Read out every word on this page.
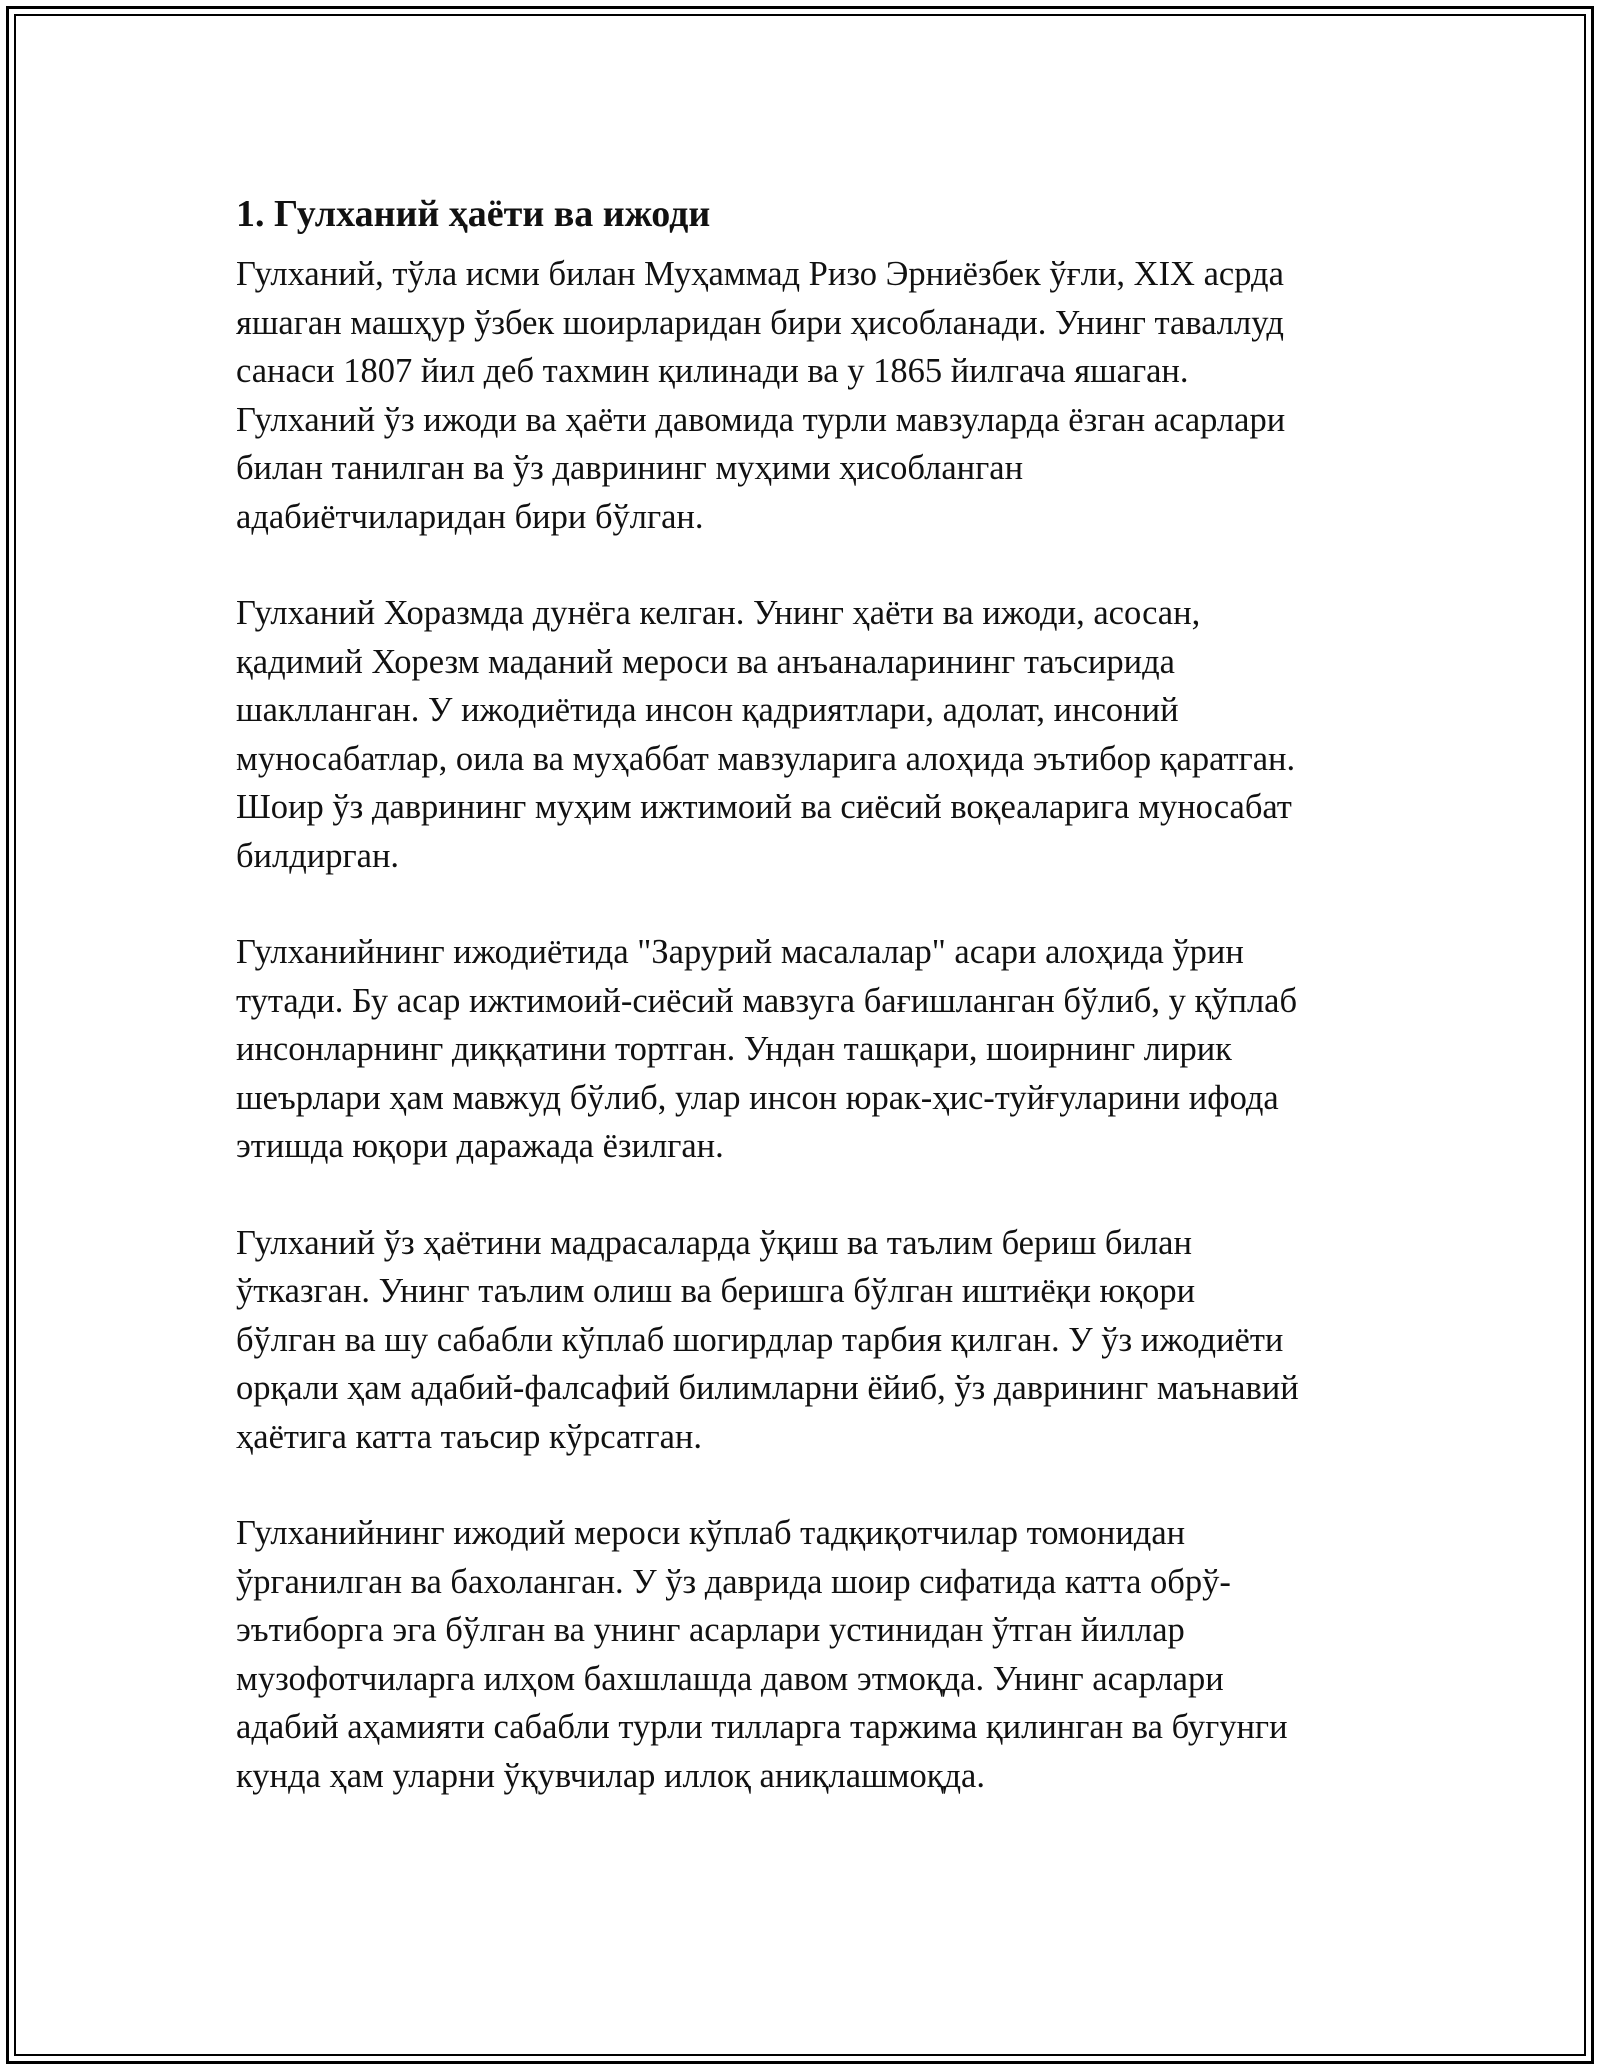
1. Гулханий ҳаёти ва ижоди

Гулханий, тўла исми билан Муҳаммад Ризо Эрниёзбек ўғли, XIX асрда
яшаган машҳур ўзбек шоирларидан бири ҳисобланади. Унинг таваллуд
санаси 1807 йил деб тахмин қилинади ва у 1865 йилгача яшаган.
Гулханий ўз ижоди ва ҳаёти давомида турли мавзуларда ёзган асарлари
билан танилган ва ўз даврининг муҳими ҳисобланган
адабиётчиларидан бири бўлган.

Гулханий Хоразмда дунёга келган. Унинг ҳаёти ва ижоди, асосан,
қадимий Хорезм маданий мероси ва анъаналарининг таъсирида
шаклланган. У ижодиётида инсон қадриятлари, адолат, инсоний
муносабатлар, оила ва муҳаббат мавзуларига алоҳида эътибор қаратган.
Шоир ўз даврининг муҳим ижтимоий ва сиёсий воқеаларига муносабат
билдирган.

Гулханийнинг ижодиётида "Зарурий масалалар" асари алоҳида ўрин
тутади. Бу асар ижтимоий-сиёсий мавзуга бағишланган бўлиб, у қўплаб
инсонларнинг диққатини тортган. Ундан ташқари, шоирнинг лирик
шеърлари ҳам мавжуд бўлиб, улар инсон юрак-ҳис-туйғуларини ифода
этишда юқори даражада ёзилган.

Гулханий ўз ҳаётини мадрасаларда ўқиш ва таълим бериш билан
ўтказган. Унинг таълим олиш ва беришга бўлган иштиёқи юқори
бўлган ва шу сабабли кўплаб шогирдлар тарбия қилган. У ўз ижодиёти
орқали ҳам адабий-фалсафий билимларни ёйиб, ўз даврининг маънавий
ҳаётига катта таъсир кўрсатган.

Гулханийнинг ижодий мероси кўплаб тадқиқотчилар томонидан
ўрганилган ва бахоланган. У ўз даврида шоир сифатида катта обрў-
эътиборга эга бўлган ва унинг асарлари устинидан ўтган йиллар
музофотчиларга илҳом бахшлашда давом этмоқда. Унинг асарлари
адабий аҳамияти сабабли турли тилларга таржима қилинган ва бугунги
кунда ҳам уларни ўқувчилар иллоқ аниқлашмоқда.
